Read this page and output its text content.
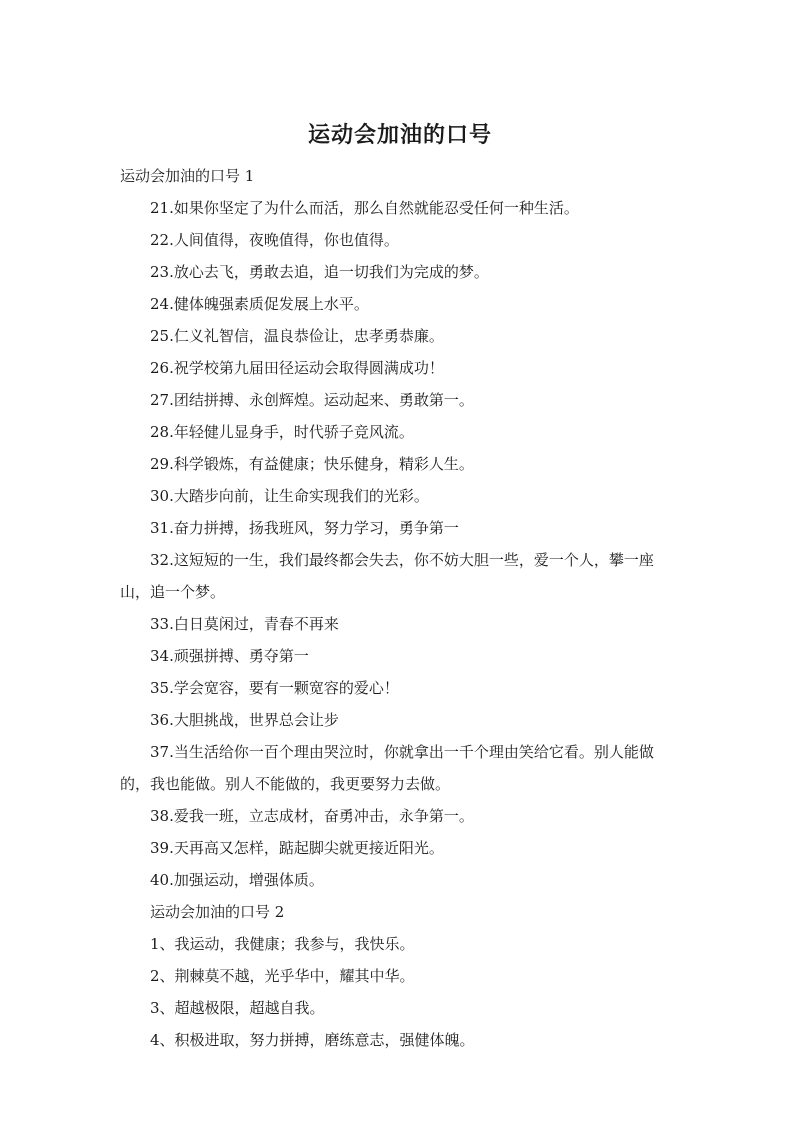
运动会加油的口号

运动会加油的口号 1

21.如果你坚定了为什么而活，那么自然就能忍受任何一种生活。

22.人间值得，夜晚值得，你也值得。

23.放心去飞，勇敢去追，追一切我们为完成的梦。

24.健体魄强素质促发展上水平。

25.仁义礼智信，温良恭俭让，忠孝勇恭廉。

26.祝学校第九届田径运动会取得圆满成功！

27.团结拼搏、永创辉煌。运动起来、勇敢第一。

28.年轻健儿显身手，时代骄子竞风流。

29.科学锻炼，有益健康；快乐健身，精彩人生。

30.大踏步向前，让生命实现我们的光彩。

31.奋力拼搏，扬我班风，努力学习，勇争第一

32.这短短的一生，我们最终都会失去，你不妨大胆一些，爱一个人，攀一座山，追一个梦。

33.白日莫闲过，青春不再来

34.顽强拼搏、勇夺第一

35.学会宽容，要有一颗宽容的爱心！

36.大胆挑战，世界总会让步

37.当生活给你一百个理由哭泣时，你就拿出一千个理由笑给它看。别人能做的，我也能做。别人不能做的，我更要努力去做。

38.爱我一班，立志成材，奋勇冲击，永争第一。

39.天再高又怎样，踮起脚尖就更接近阳光。

40.加强运动，增强体质。

运动会加油的口号 2

1、我运动，我健康；我参与，我快乐。

2、荆棘莫不越，光乎华中，耀其中华。

3、超越极限，超越自我。

4、积极进取，努力拼搏，磨练意志，强健体魄。
